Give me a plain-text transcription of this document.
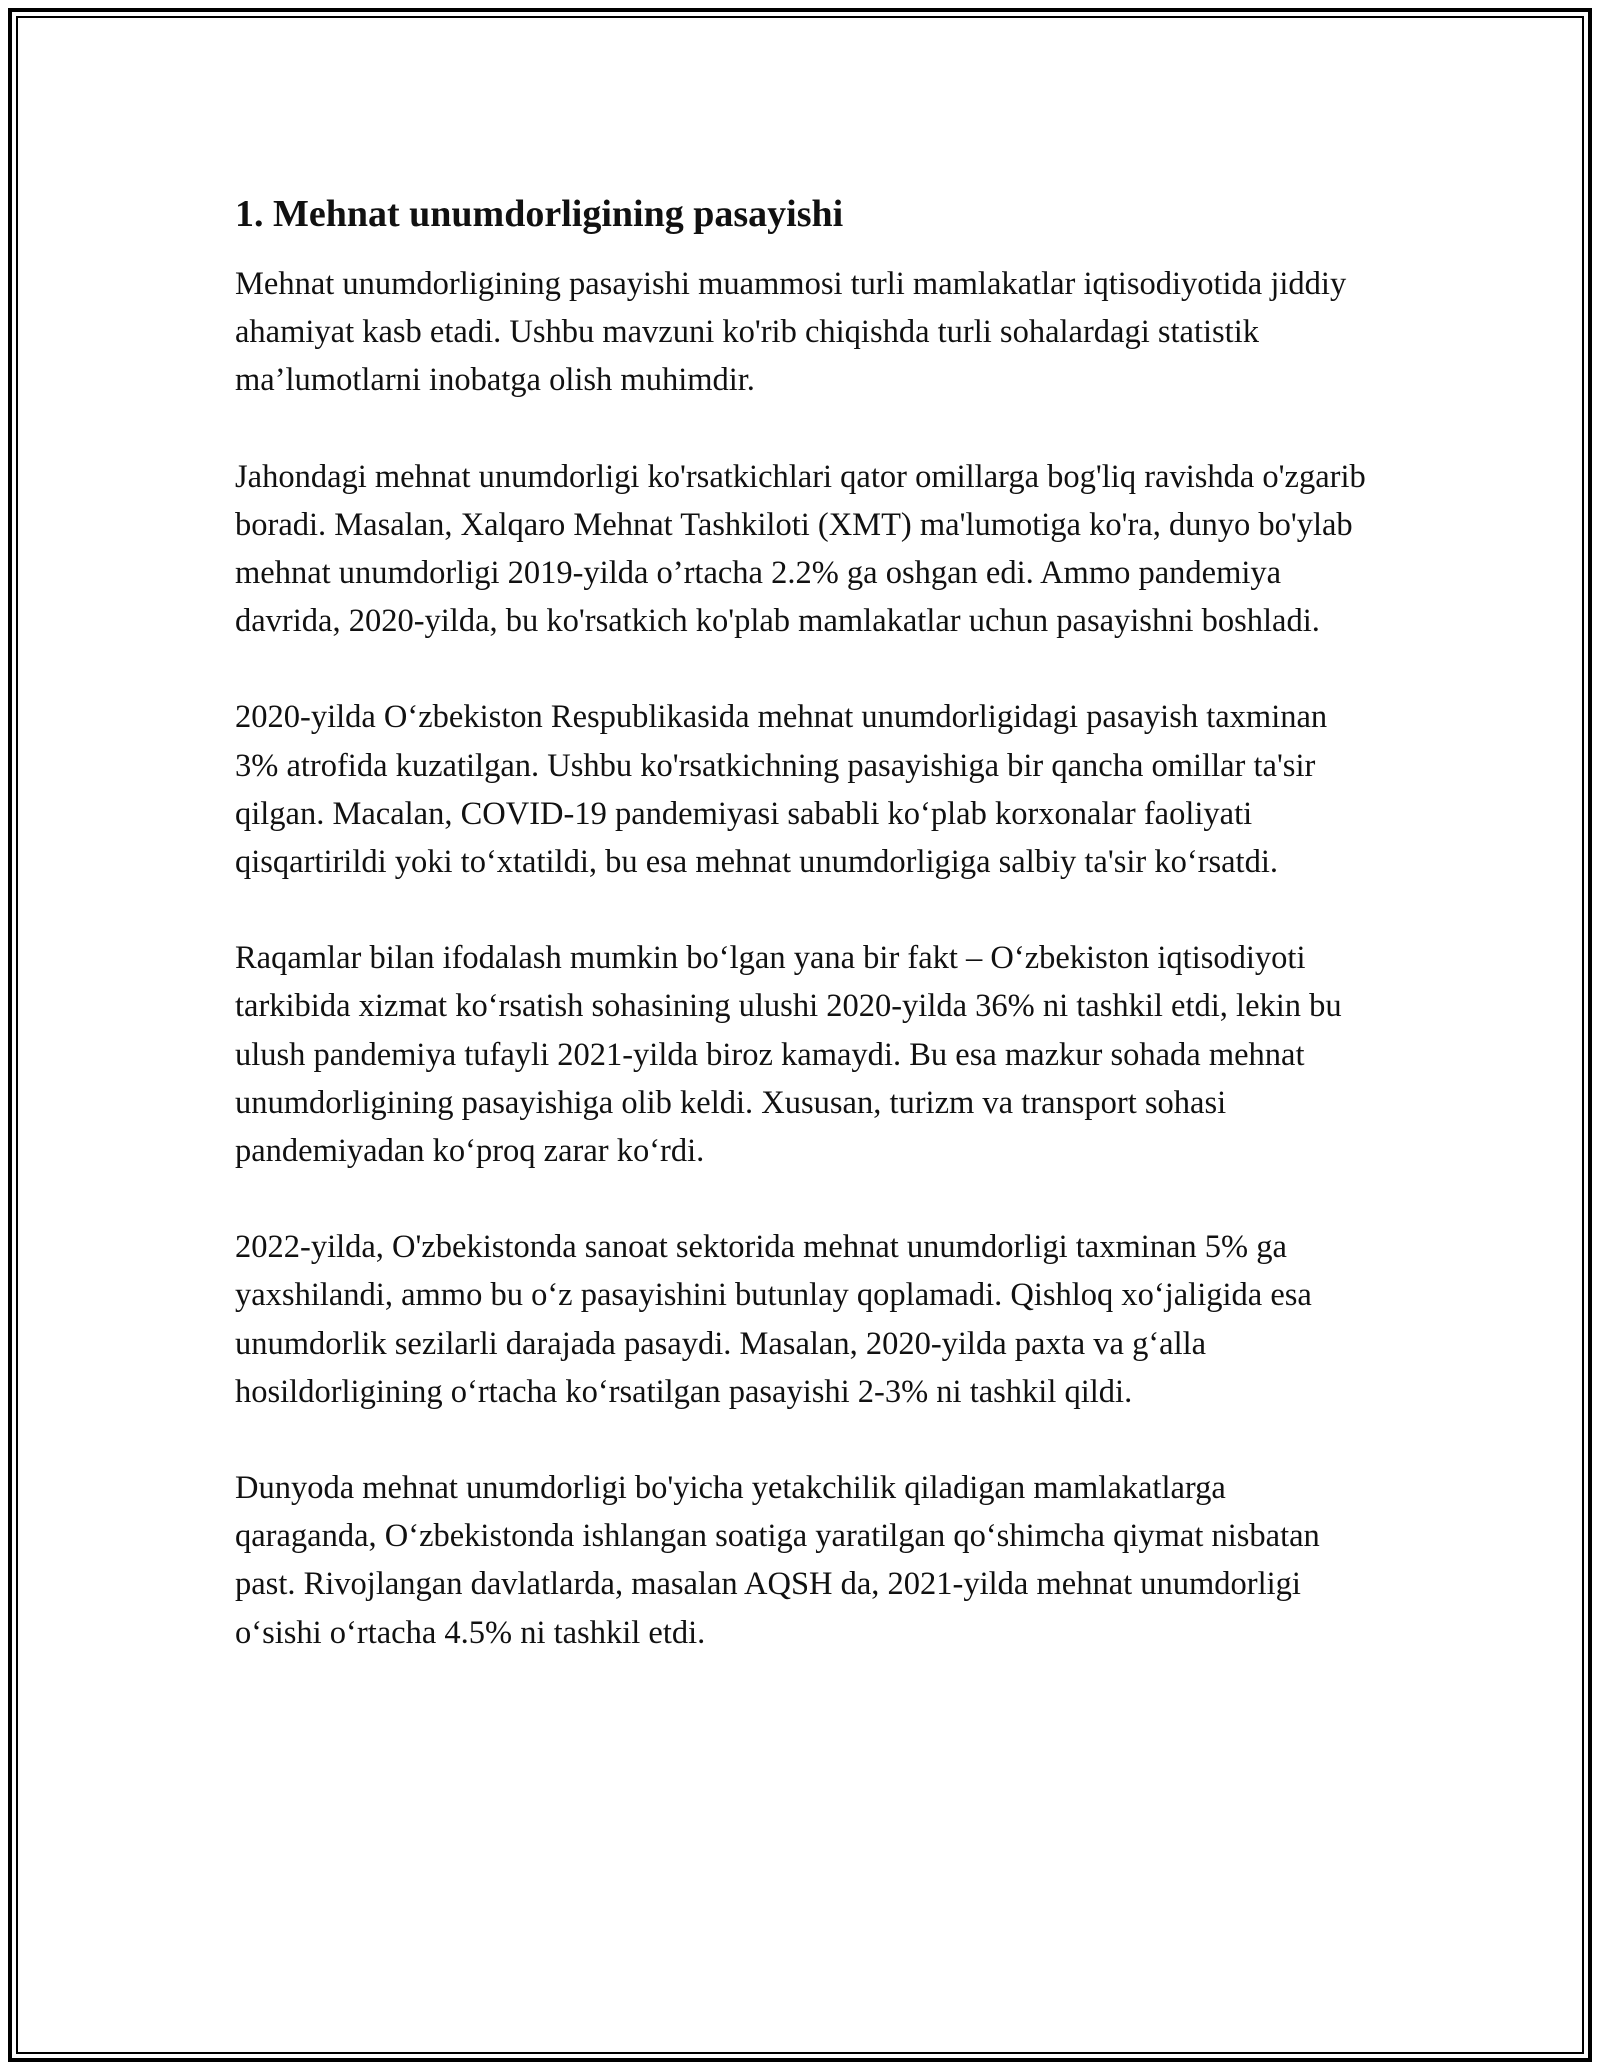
1. Mehnat unumdorligining pasayishi

Mehnat unumdorligining pasayishi muammosi turli mamlakatlar iqtisodiyotida jiddiy ahamiyat kasb etadi. Ushbu mavzuni ko'rib chiqishda turli sohalardagi statistik ma’lumotlarni inobatga olish muhimdir.

Jahondagi mehnat unumdorligi ko'rsatkichlari qator omillarga bog'liq ravishda o'zgarib boradi. Masalan, Xalqaro Mehnat Tashkiloti (XMT) ma'lumotiga ko'ra, dunyo bo'ylab mehnat unumdorligi 2019-yilda o’rtacha 2.2% ga oshgan edi. Ammo pandemiya davrida, 2020-yilda, bu ko'rsatkich ko'plab mamlakatlar uchun pasayishni boshladi.

2020-yilda O‘zbekiston Respublikasida mehnat unumdorligidagi pasayish taxminan 3% atrofida kuzatilgan. Ushbu ko'rsatkichning pasayishiga bir qancha omillar ta'sir qilgan. Macalan, COVID-19 pandemiyasi sababli ko‘plab korxonalar faoliyati qisqartirildi yoki to‘xtatildi, bu esa mehnat unumdorligiga salbiy ta'sir ko‘rsatdi.

Raqamlar bilan ifodalash mumkin bo‘lgan yana bir fakt – O‘zbekiston iqtisodiyoti tarkibida xizmat ko‘rsatish sohasining ulushi 2020-yilda 36% ni tashkil etdi, lekin bu ulush pandemiya tufayli 2021-yilda biroz kamaydi. Bu esa mazkur sohada mehnat unumdorligining pasayishiga olib keldi. Xususan, turizm va transport sohasi pandemiyadan ko‘proq zarar ko‘rdi.

2022-yilda, O'zbekistonda sanoat sektorida mehnat unumdorligi taxminan 5% ga yaxshilandi, ammo bu o‘z pasayishini butunlay qoplamadi. Qishloq xo‘jaligida esa unumdorlik sezilarli darajada pasaydi. Masalan, 2020-yilda paxta va g‘alla hosildorligining o‘rtacha ko‘rsatilgan pasayishi 2-3% ni tashkil qildi.

Dunyoda mehnat unumdorligi bo'yicha yetakchilik qiladigan mamlakatlarga qaraganda, O‘zbekistonda ishlangan soatiga yaratilgan qo‘shimcha qiymat nisbatan past. Rivojlangan davlatlarda, masalan AQSH da, 2021-yilda mehnat unumdorligi o‘sishi o‘rtacha 4.5% ni tashkil etdi.
